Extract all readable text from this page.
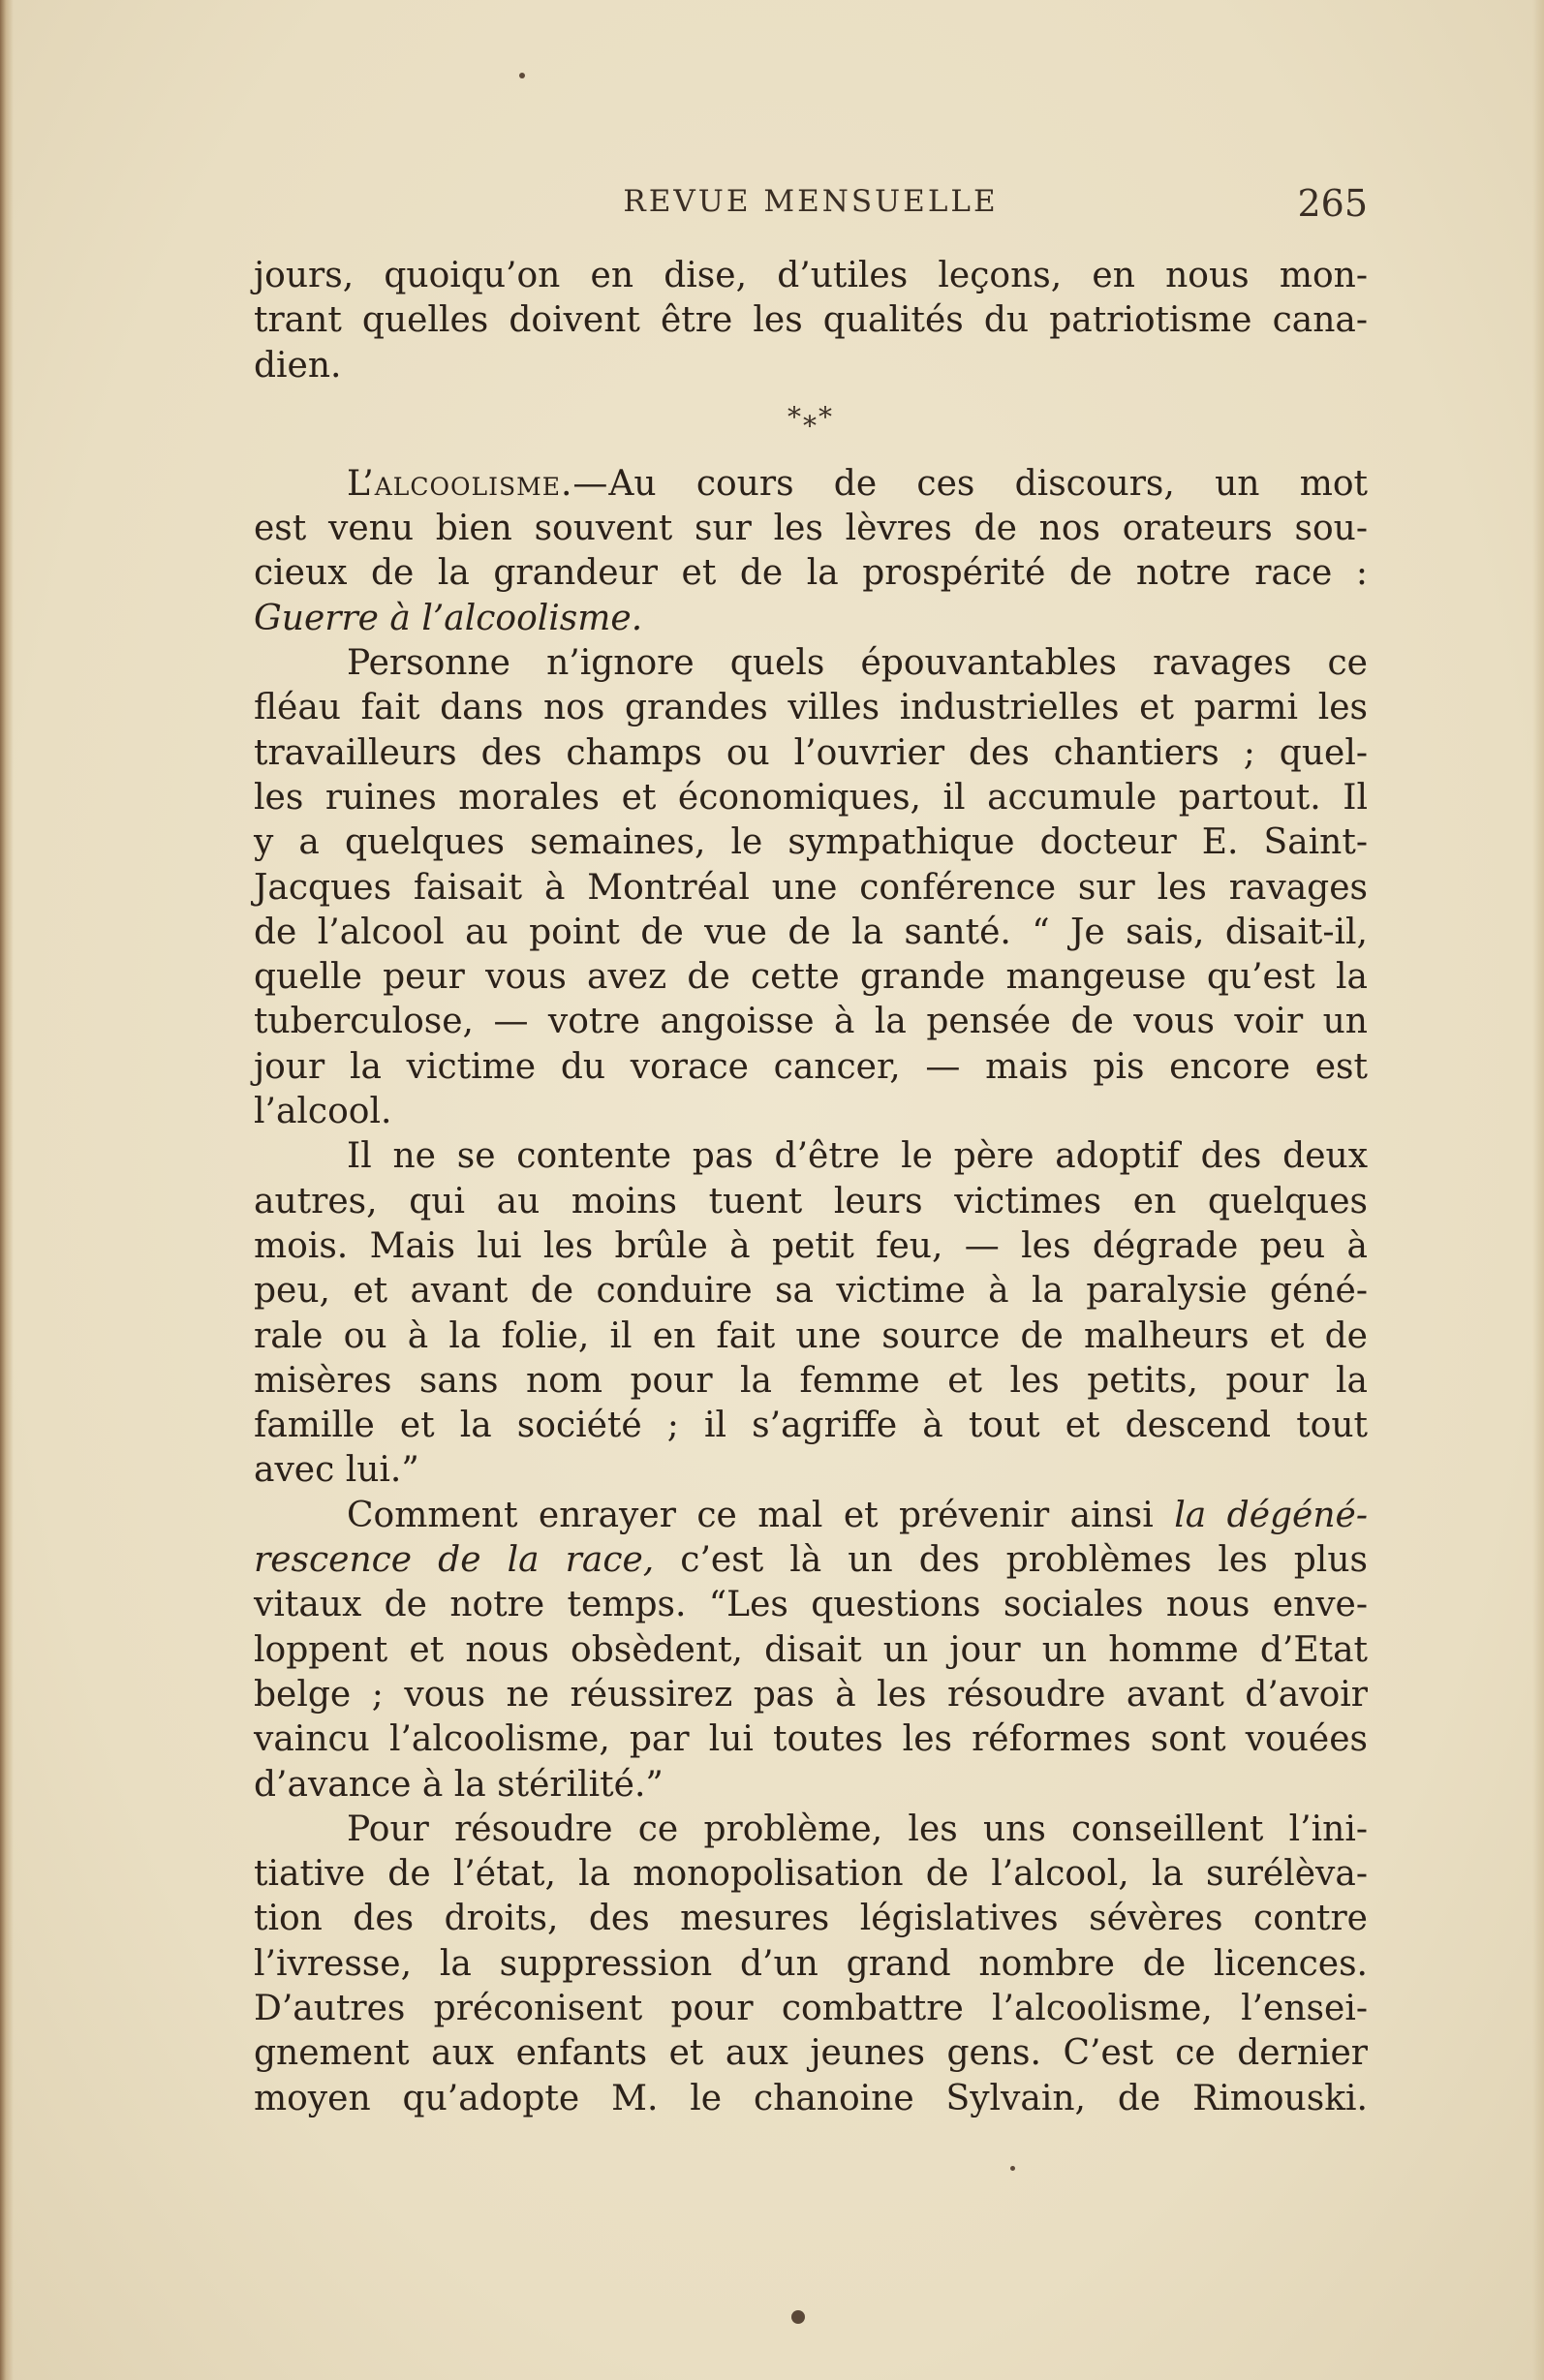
REVUE MENSUELLE	265
jours, quoiqu’on en dise, d’utiles leçons, en nous mon-
trant quelles doivent être les qualités du patriotisme cana-
dien.
*⁎*
L’alcoolisme.—Au cours de ces discours, un mot
est venu bien souvent sur les lèvres de nos orateurs sou-
cieux de la grandeur et de la prospérité de notre race :
Guerre à l’alcoolisme.
Personne n’ignore quels épouvantables ravages ce
fléau fait dans nos grandes villes industrielles et parmi les
travailleurs des champs ou l’ouvrier des chantiers ; quel-
les ruines morales et économiques, il accumule partout. Il
y a quelques semaines, le sympathique docteur E. Saint-
Jacques faisait à Montréal une conférence sur les ravages
de l’alcool au point de vue de la santé. “ Je sais, disait-il,
quelle peur vous avez de cette grande mangeuse qu’est la
tuberculose, — votre angoisse à la pensée de vous voir un
jour la victime du vorace cancer, — mais pis encore est
l’alcool.
Il ne se contente pas d’être le père adoptif des deux
autres, qui au moins tuent leurs victimes en quelques
mois. Mais lui les brûle à petit feu, — les dégrade peu à
peu, et avant de conduire sa victime à la paralysie géné-
rale ou à la folie, il en fait une source de malheurs et de
misères sans nom pour la femme et les petits, pour la
famille et la société ; il s’agriffe à tout et descend tout
avec lui.”
Comment enrayer ce mal et prévenir ainsi la dégéné-
rescence de la race, c’est là un des problèmes les plus
vitaux de notre temps. “Les questions sociales nous enve-
loppent et nous obsèdent, disait un jour un homme d’Etat
belge ; vous ne réussirez pas à les résoudre avant d’avoir
vaincu l’alcoolisme, par lui toutes les réformes sont vouées
d’avance à la stérilité.”
Pour résoudre ce problème, les uns conseillent l’ini-
tiative de l’état, la monopolisation de l’alcool, la surélèva-
tion des droits, des mesures législatives sévères contre
l’ivresse, la suppression d’un grand nombre de licences.
D’autres préconisent pour combattre l’alcoolisme, l’ensei-
gnement aux enfants et aux jeunes gens. C’est ce dernier
moyen qu’adopte M. le chanoine Sylvain, de Rimouski.
